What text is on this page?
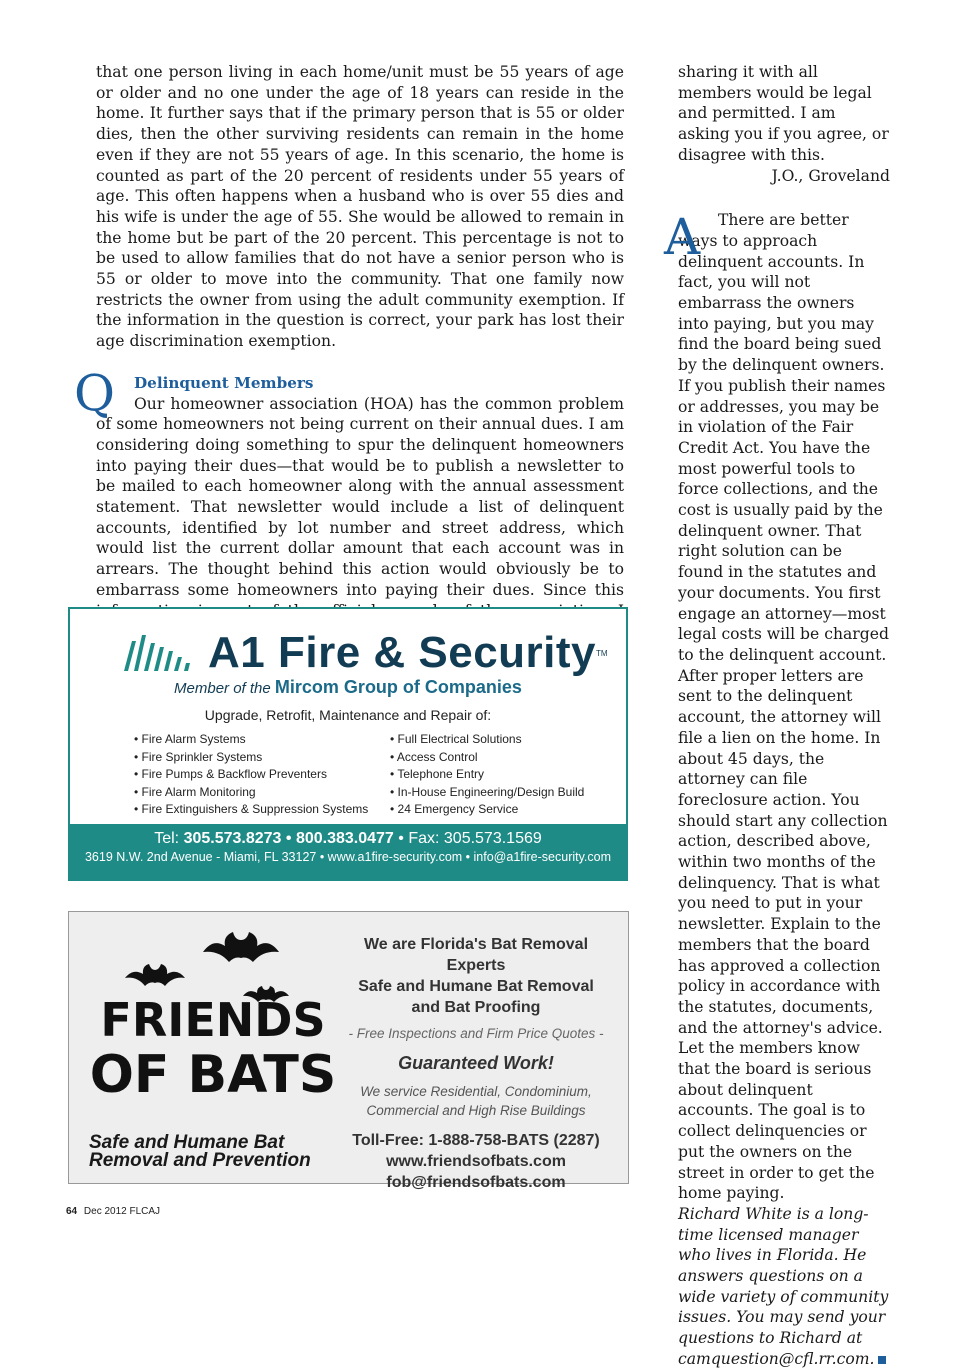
that one person living in each home/unit must be 55 years of age or older and no one under the age of 18 years can reside in the home. It further says that if the primary person that is 55 or older dies, then the other surviving residents can remain in the home even if they are not 55 years of age. In this scenario, the home is counted as part of the 20 percent of residents under 55 years of age. This often happens when a husband who is over 55 dies and his wife is under the age of 55. She would be allowed to remain in the home but be part of the 20 percent. This percentage is not to be used to allow families that do not have a senior person who is 55 or older to move into the community. That one family now restricts the owner from using the adult community exemption. If the information in the question is correct, your park has lost their age discrimination exemption.

Q Delinquent Members

Our homeowner association (HOA) has the common problem of some homeowners not being current on their annual dues. I am considering doing something to spur the delinquent homeowners into paying their dues—that would be to publish a newsletter to be mailed to each homeowner along with the annual assessment statement. That newsletter would include a list of delinquent accounts, identified by lot number and street address, which would list the current dollar amount that each account was in arrears. The thought behind this action would obviously be to embarrass some homeowners into paying their dues. Since this

sharing it with all members would be legal and permitted. I am asking you if you agree, or disagree with this.

J.O., Groveland

A	There are better ways to approach delinquent accounts. In fact, you will not embarrass the owners into paying, but you may find the board being sued by the delinquent owners. If you publish their names or addresses, you may be in violation of the Fair Credit Act. You have the most powerful tools to force collections, and the cost is usually paid by the delinquent owner. That right solution can be found in the statutes and your documents. You first engage an attorney—most legal costs will be charged to the delinquent account. After proper letters are sent to the delinquent account, the attorney will file a lien on the home. In about 45 days, the attorney can file foreclosure action. You should start any collection action, described above, within two months of the delinquency. That is what you need to put in your newsletter. Explain to the members that the board has approved a collection policy in accordance with the statutes, documents, and the attorney's advice. Let the members know that the board is serious about delinquent accounts. The goal is to collect delinquencies or put the owners on the street in order to get the home paying.

Richard White is a long-time licensed manager who lives in Florida. He answers questions on a wide variety of community issues. You may send your questions to Richard at camquestion@cfl.rr.com.

A1 Fire & Security TM
Member of the Mircom Group of Companies
Upgrade, Retrofit, Maintenance and Repair of:
• Fire Alarm Systems
• Fire Sprinkler Systems
• Fire Pumps & Backflow Preventers
• Fire Alarm Monitoring
• Fire Extinguishers & Suppression Systems
• Full Electrical Solutions
• Access Control
• Telephone Entry
• In-House Engineering/Design Build
• 24 Emergency Service
Tel: 305.573.8273 • 800.383.0477 • Fax: 305.573.1569
3619 N.W. 2nd Avenue - Miami, FL 33127 • www.a1fire-security.com • info@a1fire-security.com
FRIENDS
OF BATS
Safe and Humane Bat
Removal and Prevention
We are Florida's Bat Removal Experts
Safe and Humane Bat Removal
and Bat Proofing
- Free Inspections and Firm Price Quotes -
Guaranteed Work!
We service Residential, Condominium,
Commercial and High Rise Buildings
Toll-Free: 1-888-758-BATS (2287)
www.friendsofbats.com
fob@friendsofbats.com
64 Dec 2012 FLCAJ
